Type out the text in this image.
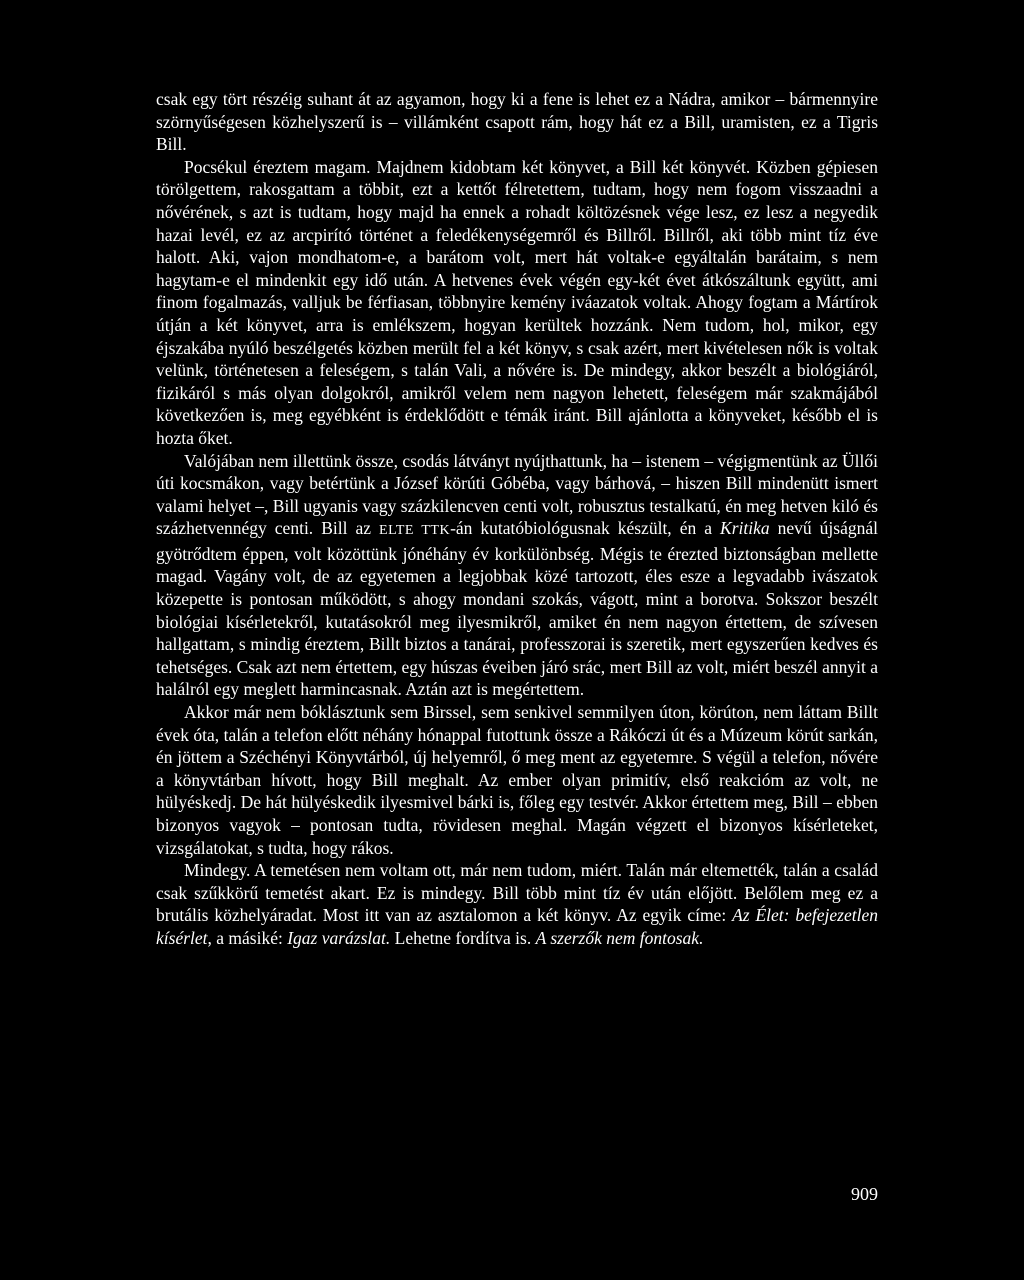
csak egy tört részéig suhant át az agyamon, hogy ki a fene is lehet ez a Nádra, amikor – bármennyire szörnyűségesen közhelyszerű is – villámként csapott rám, hogy hát ez a Bill, uramisten, ez a Tigris Bill.

Pocsékul éreztem magam. Majdnem kidobtam két könyvet, a Bill két könyvét. Közben gépiesen törölgettem, rakosgattam a többit, ezt a kettőt félretettem, tudtam, hogy nem fogom visszaadni a nővérének, s azt is tudtam, hogy majd ha ennek a rohadt költözésnek vége lesz, ez lesz a negyedik hazai levél, ez az arcpirító történet a feledékenységemről és Billről. Billről, aki több mint tíz éve halott. Aki, vajon mondhatom-e, a barátom volt, mert hát voltak-e egyáltalán barátaim, s nem hagytam-e el mindenkit egy idő után. A hetvenes évek végén egy-két évet átkószáltunk együtt, ami finom fogalmazás, valljuk be férfiasan, többnyire kemény iváazatok voltak. Ahogy fogtam a Mártírok útján a két könyvet, arra is emlékszem, hogyan kerültek hozzánk. Nem tudom, hol, mikor, egy éjszakába nyúló beszélgetés közben merült fel a két könyv, s csak azért, mert kivételesen nők is voltak velünk, történetesen a feleségem, s talán Vali, a nővére is. De mindegy, akkor beszélt a biológiáról, fizikáról s más olyan dolgokról, amikről velem nem nagyon lehetett, feleségem már szakmájából következően is, meg egyébként is érdeklődött e témák iránt. Bill ajánlotta a könyveket, később el is hozta őket.

Valójában nem illettünk össze, csodás látványt nyújthattunk, ha – istenem – végigmentünk az Üllői úti kocsmákon, vagy betértünk a József körúti Góbéba, vagy bárhová, – hiszen Bill mindenütt ismert valami helyet –, Bill ugyanis vagy százkilencven centi volt, robusztus testalkatú, én meg hetven kiló és százhetvennégy centi. Bill az ELTE TTK-án kutatóbiológusnak készült, én a Kritika nevű újságnál gyötrődtem éppen, volt közöttünk jónéhány év korkülönbség. Mégis te érezted biztonságban mellette magad. Vagány volt, de az egyetemen a legjobbak közé tartozott, éles esze a legvadabb ivászatok közepette is pontosan működött, s ahogy mondani szokás, vágott, mint a borotva. Sokszor beszélt biológiai kísérletekről, kutatásokról meg ilyesmikről, amiket én nem nagyon értettem, de szívesen hallgattam, s mindig éreztem, Billt biztos a tanárai, professzorai is szeretik, mert egyszerűen kedves és tehetséges. Csak azt nem értettem, egy húszas éveiben járó srác, mert Bill az volt, miért beszél annyit a halálról egy meglett harmincasnak. Aztán azt is megértettem.

Akkor már nem bóklásztunk sem Birssel, sem senkivel semmilyen úton, körúton, nem láttam Billt évek óta, talán a telefon előtt néhány hónappal futottunk össze a Rákóczi út és a Múzeum körút sarkán, én jöttem a Széchényi Könyvtárból, új helyemről, ő meg ment az egyetemre. S végül a telefon, nővére a könyvtárban hívott, hogy Bill meghalt. Az ember olyan primitív, első reakcióm az volt, ne hülyéskedj. De hát hülyéskedik ilyesmivel bárki is, főleg egy testvér. Akkor értettem meg, Bill – ebben bizonyos vagyok – pontosan tudta, rövidesen meghal. Magán végzett el bizonyos kísérleteket, vizsgálatokat, s tudta, hogy rákos.

Mindegy. A temetésen nem voltam ott, már nem tudom, miért. Talán már eltemették, talán a család csak szűkkörű temetést akart. Ez is mindegy. Bill több mint tíz év után előjött. Belőlem meg ez a brutális közhelyáradat. Most itt van az asztalomon a két könyv. Az egyik címe: Az Élet: befejezetlen kísérlet, a másiké: Igaz varázslat. Lehetne fordítva is. A szerzők nem fontosak.

909
